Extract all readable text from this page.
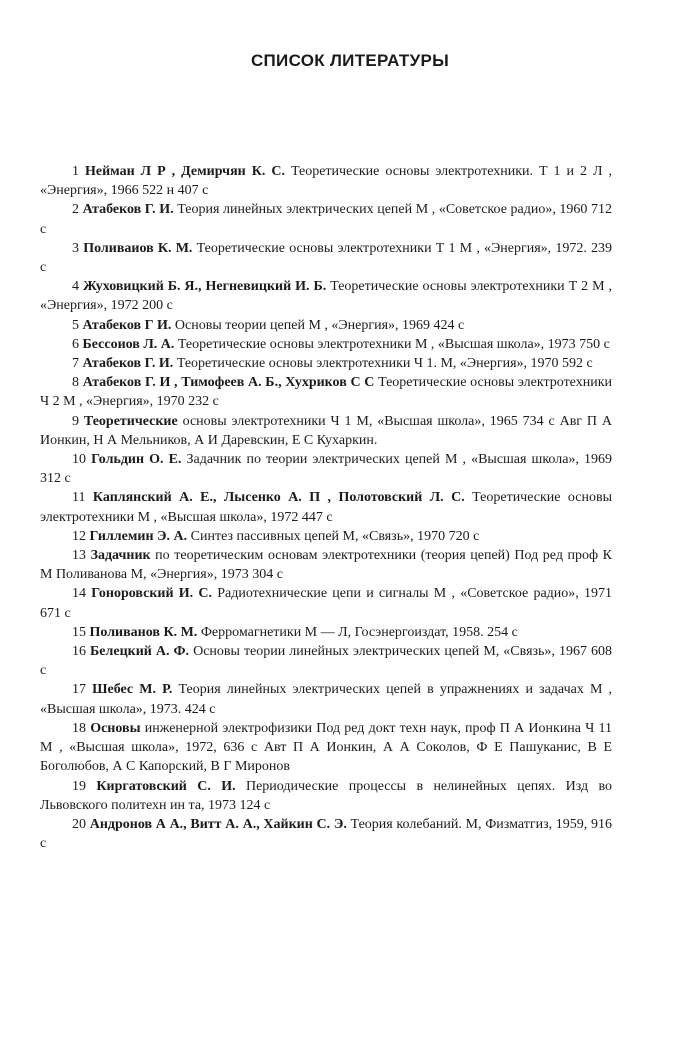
СПИСОК ЛИТЕРАТУРЫ

1 Нейман Л Р , Демирчян К. С. Теоретические основы электротехники. Т 1 и 2 Л , «Энергия», 1966 522 н 407 с

2 Атабеков Г. И. Теория линейных электрических цепей М , «Советское радио», 1960 712 с

3 Поливаиов К. М. Теоретические основы электротехники Т 1 М , «Энергия», 1972. 239 с

4 Жуховицкий Б. Я., Негневицкий И. Б. Теоретические основы электротехники Т 2 М , «Энергия», 1972 200 с

5 Атабеков Г И. Основы теории цепей М , «Энергия», 1969 424 с

6 Бессоиов Л. А. Теоретические основы электротехники М , «Высшая школа», 1973 750 с

7 Атабеков Г. И. Теоретические основы электротехники Ч 1. М, «Энергия», 1970 592 с

8 Атабеков Г. И , Тимофеев А. Б., Хухриков С С Теоретические основы электротехники Ч 2 М , «Энергия», 1970 232 с

9 Теоретические основы электротехники Ч 1 М, «Высшая школа», 1965 734 с Авг П А Ионкин, Н А Мельников, А И Даревскин, Е С Кухаркин.

10 Гольдин О. Е. Задачник по теории электрических цепей М , «Высшая школа», 1969 312 с

11 Каплянский А. Е., Лысенко А. П , Полотовский Л. С. Теоретические основы электротехники М , «Высшая школа», 1972 447 с

12 Гиллемин Э. А. Синтез пассивных цепей М, «Связь», 1970 720 с

13 Задачник по теоретическим основам электротехники (теория цепей) Под ред проф К М Поливанова М, «Энергия», 1973 304 с

14 Гоноровский И. С. Радиотехнические цепи и сигналы М , «Советское радио», 1971 671 с

15 Поливанов К. М. Ферромагнетики М — Л, Госэнергоиздат, 1958. 254 с

16 Белецкий А. Ф. Основы теории линейных электрических цепей М, «Связь», 1967 608 с

17 Шебес М. Р. Теория линейных электрических цепей в упражнениях и задачах М , «Высшая школа», 1973. 424 с

18 Основы инженерной электрофизики Под ред докт техн наук, проф П А Ионкина Ч 11 М , «Высшая школа», 1972, 636 с Авт П А Ионкин, А А Соколов, Ф Е Пашуканис, В Е Боголюбов, А С Капорский, В Г Миронов

19 Киргатовский С. И. Периодические процессы в нелинейных цепях. Изд во Львовского политехн ин та, 1973 124 с

20 Андронов А А., Витт А. А., Хайкин С. Э. Теория колебаний. М, Физматгиз, 1959, 916 с
